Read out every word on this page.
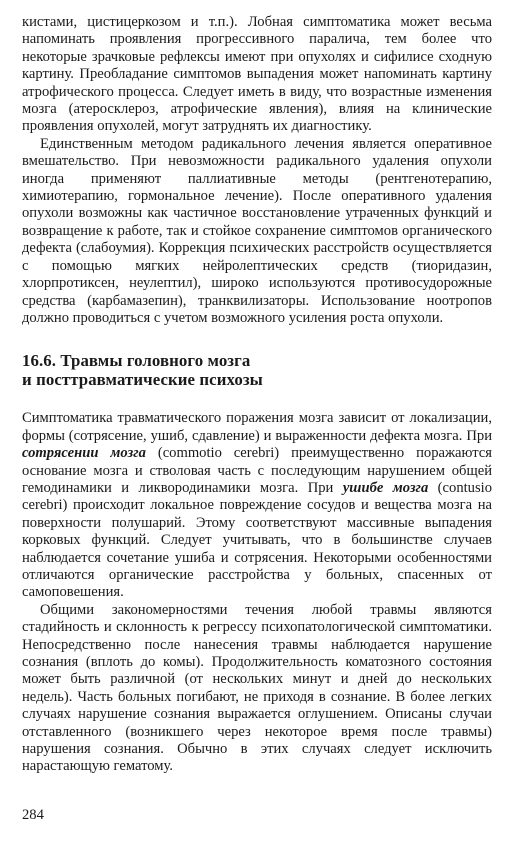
кистами, цистицеркозом и т.п.). Лобная симптоматика может весьма напоминать проявления прогрессивного паралича, тем более что некоторые зрачковые рефлексы имеют при опухолях и сифилисе сходную картину. Преобладание симптомов выпадения может напоминать картину атрофического процесса. Следует иметь в виду, что возрастные изменения мозга (атеросклероз, атрофические явления), влияя на клинические проявления опухолей, могут затруднять их диагностику.

Единственным методом радикального лечения является оперативное вмешательство. При невозможности радикального удаления опухоли иногда применяют паллиативные методы (рентгенотерапию, химиотерапию, гормональное лечение). После оперативного удаления опухоли возможны как частичное восстановление утраченных функций и возвращение к работе, так и стойкое сохранение симптомов органического дефекта (слабоумия). Коррекция психических расстройств осуществляется с помощью мягких нейролептических средств (тиоридазин, хлорпротиксен, неулептил), широко используются противосудорожные средства (карбамазепин), транквилизаторы. Использование ноотропов должно проводиться с учетом возможного усиления роста опухоли.

16.6. Травмы головного мозга
и посттравматические психозы

Симптоматика травматического поражения мозга зависит от локализации, формы (сотрясение, ушиб, сдавление) и выраженности дефекта мозга. При сотрясении мозга (commotio cerebri) преимущественно поражаются основание мозга и стволовая часть с последующим нарушением общей гемодинамики и ликвородинамики мозга. При ушибе мозга (contusio cerebri) происходит локальное повреждение сосудов и вещества мозга на поверхности полушарий. Этому соответствуют массивные выпадения корковых функций. Следует учитывать, что в большинстве случаев наблюдается сочетание ушиба и сотрясения. Некоторыми особенностями отличаются органические расстройства у больных, спасенных от самоповешения.

Общими закономерностями течения любой травмы являются стадийность и склонность к регрессу психопатологической симптоматики. Непосредственно после нанесения травмы наблюдается нарушение сознания (вплоть до комы). Продолжительность коматозного состояния может быть различной (от нескольких минут и дней до нескольких недель). Часть больных погибают, не приходя в сознание. В более легких случаях нарушение сознания выражается оглушением. Описаны случаи отставленного (возникшего через некоторое время после травмы) нарушения сознания. Обычно в этих случаях следует исключить нарастающую гематому.

284
